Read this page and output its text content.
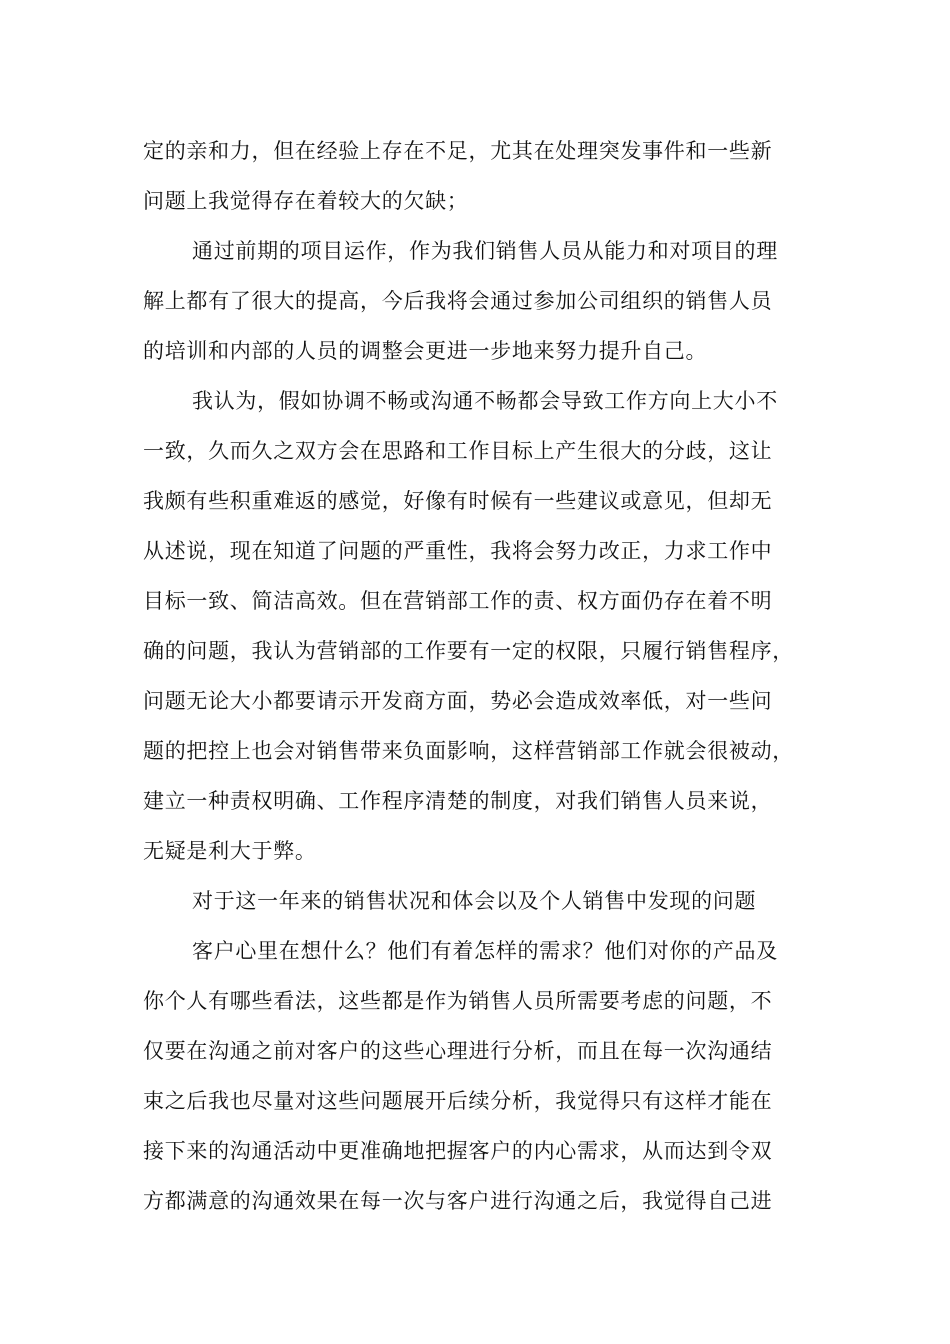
定的亲和力，但在经验上存在不足，尤其在处理突发事件和一些新
问题上我觉得存在着较大的欠缺；
通过前期的项目运作，作为我们销售人员从能力和对项目的理
解上都有了很大的提高，今后我将会通过参加公司组织的销售人员
的培训和内部的人员的调整会更进一步地来努力提升自己。
我认为，假如协调不畅或沟通不畅都会导致工作方向上大小不
一致，久而久之双方会在思路和工作目标上产生很大的分歧，这让
我颇有些积重难返的感觉，好像有时候有一些建议或意见，但却无
从述说，现在知道了问题的严重性，我将会努力改正，力求工作中
目标一致、简洁高效。但在营销部工作的责、权方面仍存在着不明
确的问题，我认为营销部的工作要有一定的权限，只履行销售程序，
问题无论大小都要请示开发商方面，势必会造成效率低，对一些问
题的把控上也会对销售带来负面影响，这样营销部工作就会很被动，
建立一种责权明确、工作程序清楚的制度，对我们销售人员来说，
无疑是利大于弊。
对于这一年来的销售状况和体会以及个人销售中发现的问题
客户心里在想什么？他们有着怎样的需求？他们对你的产品及
你个人有哪些看法，这些都是作为销售人员所需要考虑的问题，不
仅要在沟通之前对客户的这些心理进行分析，而且在每一次沟通结
束之后我也尽量对这些问题展开后续分析，我觉得只有这样才能在
接下来的沟通活动中更准确地把握客户的内心需求，从而达到令双
方都满意的沟通效果在每一次与客户进行沟通之后，我觉得自己进
